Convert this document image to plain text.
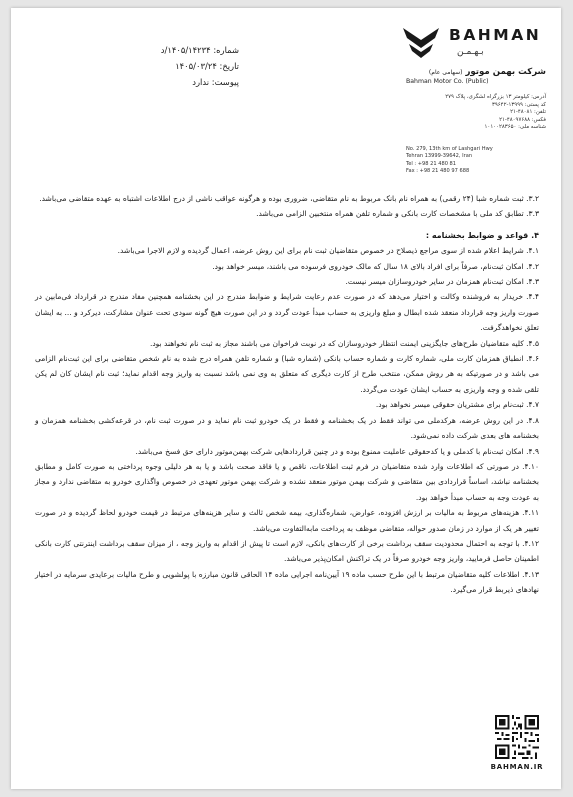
شماره: ۱۴۰۵/۱۴۲۳۴/د
تاریخ: ۱۴۰۵/۰۳/۲۴
پیوست: ندارد
BAHMAN
بـهـمـن
شرکت بهمن موتور (سهامی عام)
Bahman Motor Co. (Public)
آدرس: کیلومتر ۱۳ بزرگراه لشگری، پلاک ۲۷۹
کد پستی: ۱۳۹۹۹-۳۹۶۴۲
تلفن: ۴۸۰۸۱-۲۱
فکس: ۴۸۰۹۷۶۸۸-۲۱
شناسه ملی: ۱۰۱۰۰۲۸۳۶۵۰
No. 279, 13th km of Lashgari Hwy
Tehran 13999-39642, Iran
Tel : +98 21 480 81
Fax : +98 21 480 97 688

۳.۲. ثبت شماره شبا (۲۴ رقمی) به همراه نام بانک مربوط به نام متقاضی، ضروری بوده و هرگونه عواقب ناشی از درج اطلاعات اشتباه به عهده متقاضی می‌باشد.

۳.۳. تطابق کد ملی با مشخصات کارت بانکی و شماره تلفن همراه منتخبین الزامی می‌باشد.

۴. قواعد و ضوابط بخشنامه :

۴.۱. شرایط اعلام شده از سوی مراجع ذیصلاح در خصوص متقاضیان ثبت نام برای این روش عرضه، اعمال گردیده و لازم الاجرا می‌باشد.

۴.۲. امکان ثبت‌نام، صرفاً برای افراد بالای ۱۸ سال که مالک خودروی فرسوده می باشند، میسر خواهد بود.

۴.۳. امکان ثبت‌نام همزمان در سایر خودروسازان میسر نیست.

۴.۴. خریدار به فروشنده وکالت و اختیار می‌دهد که در صورت عدم رعایت شرایط و ضوابط مندرج در این بخشنامه همچنین مفاد مندرج در قرارداد فی‌مابین در صورت واریز وجه قرارداد منعقد شده ابطال و مبلغ واریزی به حساب مبدأ عودت گردد و در این صورت هیچ گونه سودی تحت عنوان مشارکت، دیرکرد و ... به ایشان تعلق نخواهدگرفت.

۴.۵. کلیه متقاضیان طرح‌های جایگزینی ایمنت انتظار خودروسازان که در نوبت فراخوان می باشند مجاز به ثبت نام نخواهند بود.

۴.۶. انطباق همزمان کارت ملی، شماره کارت و شماره حساب بانکی (شماره شبا) و شماره تلفن همراه درج شده به نام شخص متقاضی برای این ثبت‌نام الزامی می باشد و در صورتیکه به هر روش ممکن، منتخب طرح از کارت دیگری که متعلق به وی نمی باشد نسبت به واریز وجه اقدام نماید؛ ثبت نام ایشان کان لم یکن تلقی شده و وجه واریزی به حساب ایشان عودت می‌گردد.

۴.۷. ثبت‌نام برای مشتریان حقوقی میسر نخواهد بود.

۴.۸. در این روش عرضه، هرکدملی می تواند فقط در یک بخشنامه و فقط در یک خودرو ثبت نام نماید و در صورت ثبت نام، در قرعه‌کشی بخشنامه همزمان و بخشنامه های بعدی شرکت داده نمی‌شود.

۴.۹. امکان ثبت‌نام با کدملی و یا کدحقوقی عاملیت ممنوع بوده و در چنین قراردادهایی شرکت بهمن‌موتور دارای حق فسخ می‌باشد.

۴.۱۰. در صورتی که اطلاعات وارد شده متقاضیان در فرم ثبت اطلاعات، ناقص و یا فاقد صحت باشد و یا به هر دلیلی وجوه پرداختی به صورت کامل و مطابق بخشنامه نباشد، اساساً قراردادی بین متقاضی و شرکت بهمن موتور منعقد نشده و شرکت بهمن موتور تعهدی در خصوص واگذاری خودرو به متقاضی ندارد و مجاز به عودت وجه به حساب مبدأ خواهد بود.

۴.۱۱. هزینه‌های مربوط به مالیات بر ارزش افزوده، عوارض، شماره‌گذاری، بیمه شخص ثالث و سایر هزینه‌های مرتبط در قیمت خودرو لحاظ گردیده و در صورت تغییر هر یک از موارد در زمان صدور حواله، متقاضی موظف به پرداخت مابه‌التفاوت می‌باشد.

۴.۱۲. با توجه به احتمال محدودیت سقف برداشت برخی از کارت‌های بانکی، لازم است تا پیش از اقدام به واریز وجه ، از میزان سقف برداشت اینترنتی کارت بانکی اطمینان حاصل فرمایید، واریز وجه خودرو صرفاً در یک تراکنش امکان‌پذیر می‌باشد.

۴.۱۳. اطلاعات کلیه متقاضیان مرتبط با این طرح حسب ماده ۱۹ آیین‌نامه اجرایی ماده ۱۴ الحاقی قانون مبارزه با پولشویی و طرح مالیات برعایدی سرمایه در اختیار نهادهای ذیربط قرار می‌گیرد.

BAHMAN.IR
